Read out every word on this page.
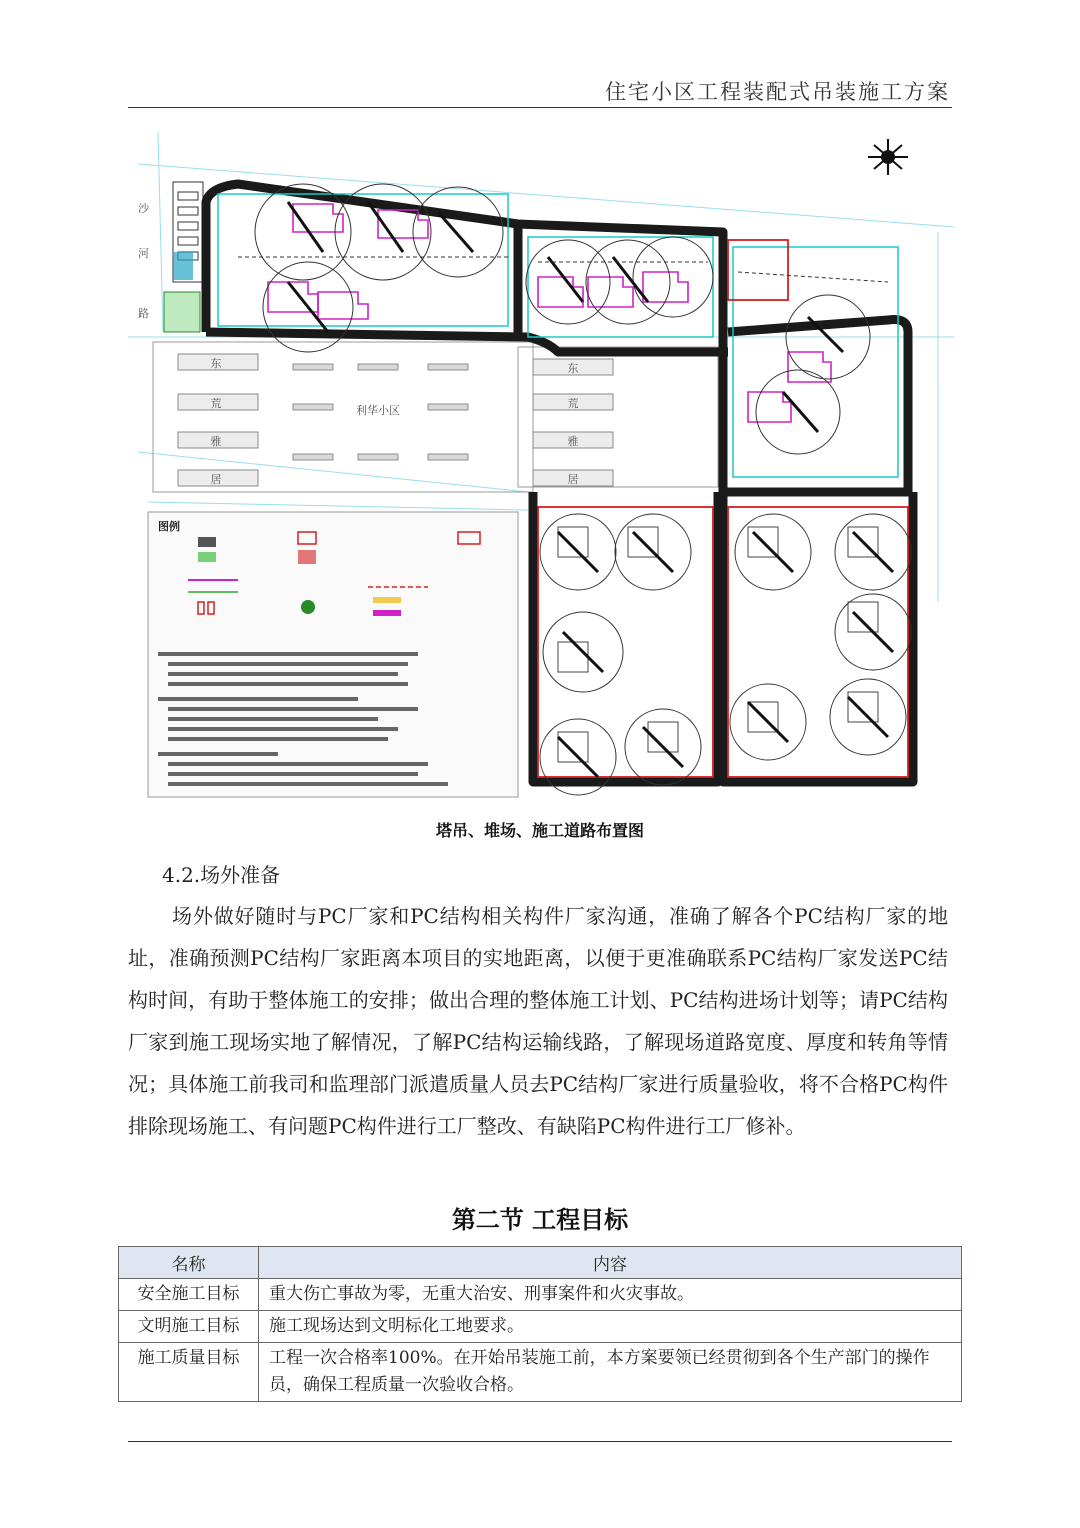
住宅小区工程装配式吊装施工方案
东
荒
雅
居
东
荒
雅
居
利华小区
沙
河
路
图例
塔吊、堆场、施工道路布置图
4.2.场外准备

场外做好随时与PC厂家和PC结构相关构件厂家沟通，准确了解各个PC结构厂家的地址，准确预测PC结构厂家距离本项目的实地距离，以便于更准确联系PC结构厂家发送PC结构时间，有助于整体施工的安排；做出合理的整体施工计划、PC结构进场计划等；请PC结构厂家到施工现场实地了解情况，了解PC结构运输线路，了解现场道路宽度、厚度和转角等情况；具体施工前我司和监理部门派遣质量人员去PC结构厂家进行质量验收，将不合格PC构件排除现场施工、有问题PC构件进行工厂整改、有缺陷PC构件进行工厂修补。

第二节 工程目标
名称	内容
安全施工目标	重大伤亡事故为零，无重大治安、刑事案件和火灾事故。
文明施工目标	施工现场达到文明标化工地要求。
施工质量目标	工程一次合格率100%。在开始吊装施工前，本方案要领已经贯彻到各个生产部门的操作员，确保工程质量一次验收合格。
